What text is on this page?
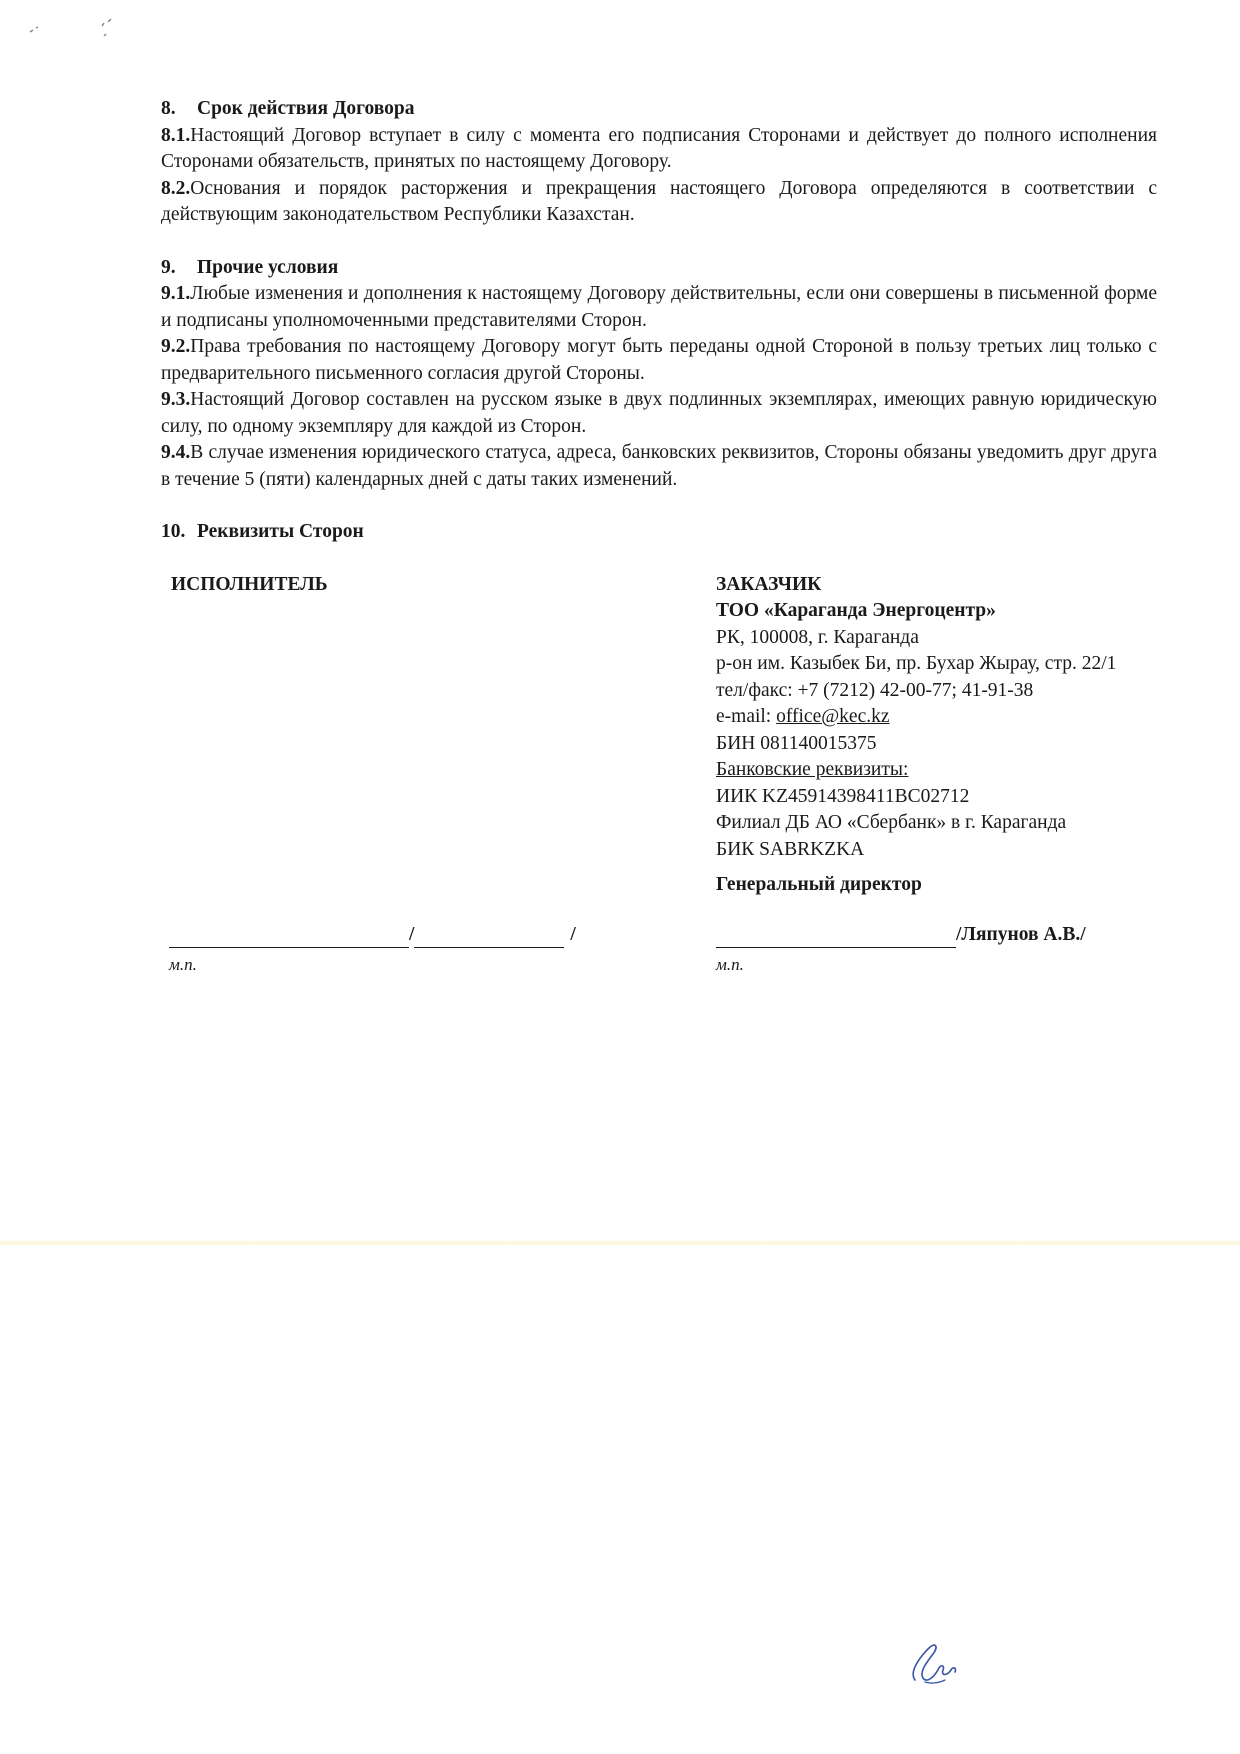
8. Срок действия Договора

8.1.Настоящий Договор вступает в силу с момента его подписания Сторонами и действует до полного исполнения Сторонами обязательств, принятых по настоящему Договору.

8.2.Основания и порядок расторжения и прекращения настоящего Договора определяются в соответствии с действующим законодательством Республики Казахстан.

9. Прочие условия

9.1.Любые изменения и дополнения к настоящему Договору действительны, если они совершены в письменной форме и подписаны уполномоченными представителями Сторон.

9.2.Права требования по настоящему Договору могут быть переданы одной Стороной в пользу третьих лиц только с предварительного письменного согласия другой Стороны.

9.3.Настоящий Договор составлен на русском языке в двух подлинных экземплярах, имеющих равную юридическую силу, по одному экземпляру для каждой из Сторон.

9.4.В случае изменения юридического статуса, адреса, банковских реквизитов, Стороны обязаны уведомить друг друга в течение 5 (пяти) календарных дней с даты таких изменений.

10. Реквизиты Сторон

ИСПОЛНИТЕЛЬ	ЗАКАЗЧИК

ТОО «Караганда Энергоцентр»

РК, 100008, г. Караганда

р-он им. Казыбек Би, пр. Бухар Жырау, стр. 22/1

тел/факс: +7 (7212) 42-00-77; 41-91-38

e-mail: office@kec.kz

БИН 081140015375

Банковские реквизиты:

ИИК KZ45914398411BC02712

Филиал ДБ АО «Сбербанк» в г. Караганда

БИК SABRKZKA

Генеральный директор

/	/
м.п.
/Ляпунов А.В./
м.п.
